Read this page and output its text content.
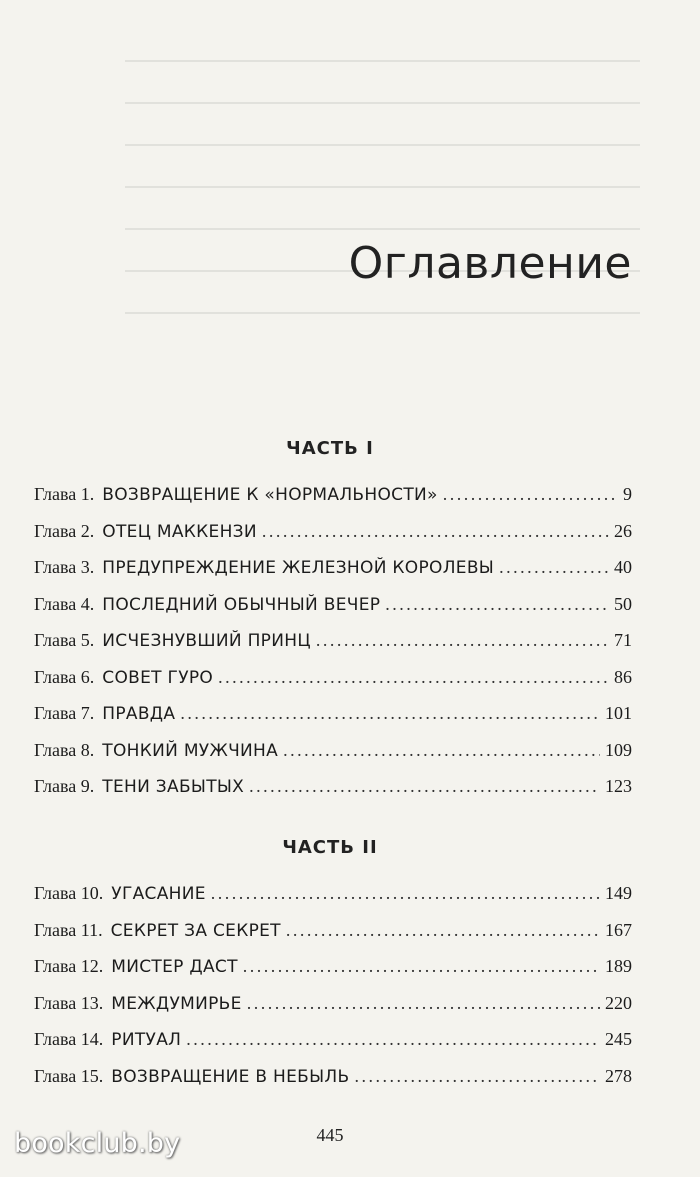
Оглавление
ЧАСТЬ I
Глава 1. ВОЗВРАЩЕНИЕ К «НОРМАЛЬНОСТИ» . . .	9
Глава 2. ОТЕЦ МАККЕНЗИ . . .	26
Глава 3. ПРЕДУПРЕЖДЕНИЕ ЖЕЛЕЗНОЙ КОРОЛЕВЫ . . .	40
Глава 4. ПОСЛЕДНИЙ ОБЫЧНЫЙ ВЕЧЕР . . .	50
Глава 5. ИСЧЕЗНУВШИЙ ПРИНЦ . . .	71
Глава 6. СОВЕТ ГУРО . . .	86
Глава 7. ПРАВДА . . .	101
Глава 8. ТОНКИЙ МУЖЧИНА . . .	109
Глава 9. ТЕНИ ЗАБЫТЫХ . . .	123
ЧАСТЬ II
Глава 10. УГАСАНИЕ . . .	149
Глава 11. СЕКРЕТ ЗА СЕКРЕТ . . .	167
Глава 12. МИСТЕР ДАСТ . . .	189
Глава 13. МЕЖДУМИРЬЕ . . .	220
Глава 14. РИТУАЛ . . .	245
Глава 15. ВОЗВРАЩЕНИЕ В НЕБЫЛЬ . . .	278
445
bookclub.by
